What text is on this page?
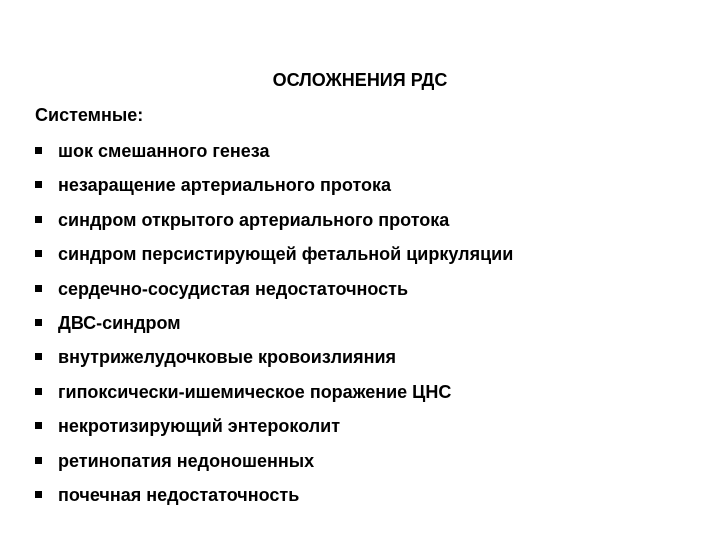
ОСЛОЖНЕНИЯ РДС
Системные:
шок смешанного генеза
незаращение артериального протока
синдром открытого артериального протока
синдром персистирующей фетальной циркуляции
сердечно-сосудистая недостаточность
ДВС-синдром
внутрижелудочковые кровоизлияния
гипоксически-ишемическое поражение ЦНС
некротизирующий энтероколит
ретинопатия недоношенных
почечная недостаточность
